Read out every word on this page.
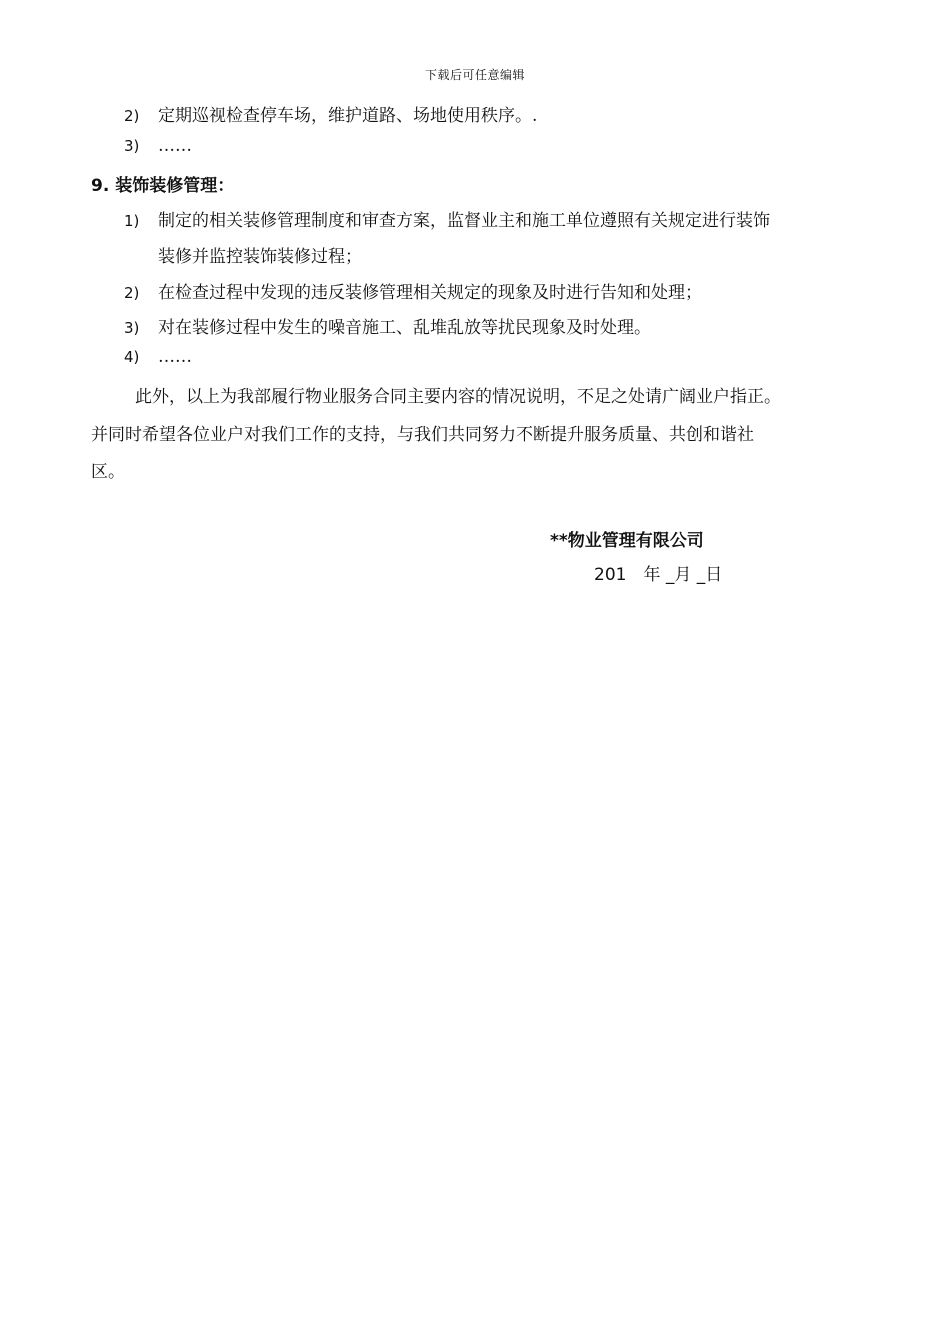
下载后可任意编辑
2) 定期巡视检查停车场，维护道路、场地使用秩序。.
3) ……
9. 装饰装修管理：
1) 制定的相关装修管理制度和审查方案，监督业主和施工单位遵照有关规定进行装饰
装修并监控装饰装修过程；
2) 在检查过程中发现的违反装修管理相关规定的现象及时进行告知和处理；
3) 对在装修过程中发生的噪音施工、乱堆乱放等扰民现象及时处理。
4) ……
此外，以上为我部履行物业服务合同主要内容的情况说明，不足之处请广阔业户指正。
并同时希望各位业户对我们工作的支持，与我们共同努力不断提升服务质量、共创和谐社
区。
**物业管理有限公司
201　年 _月 _日
